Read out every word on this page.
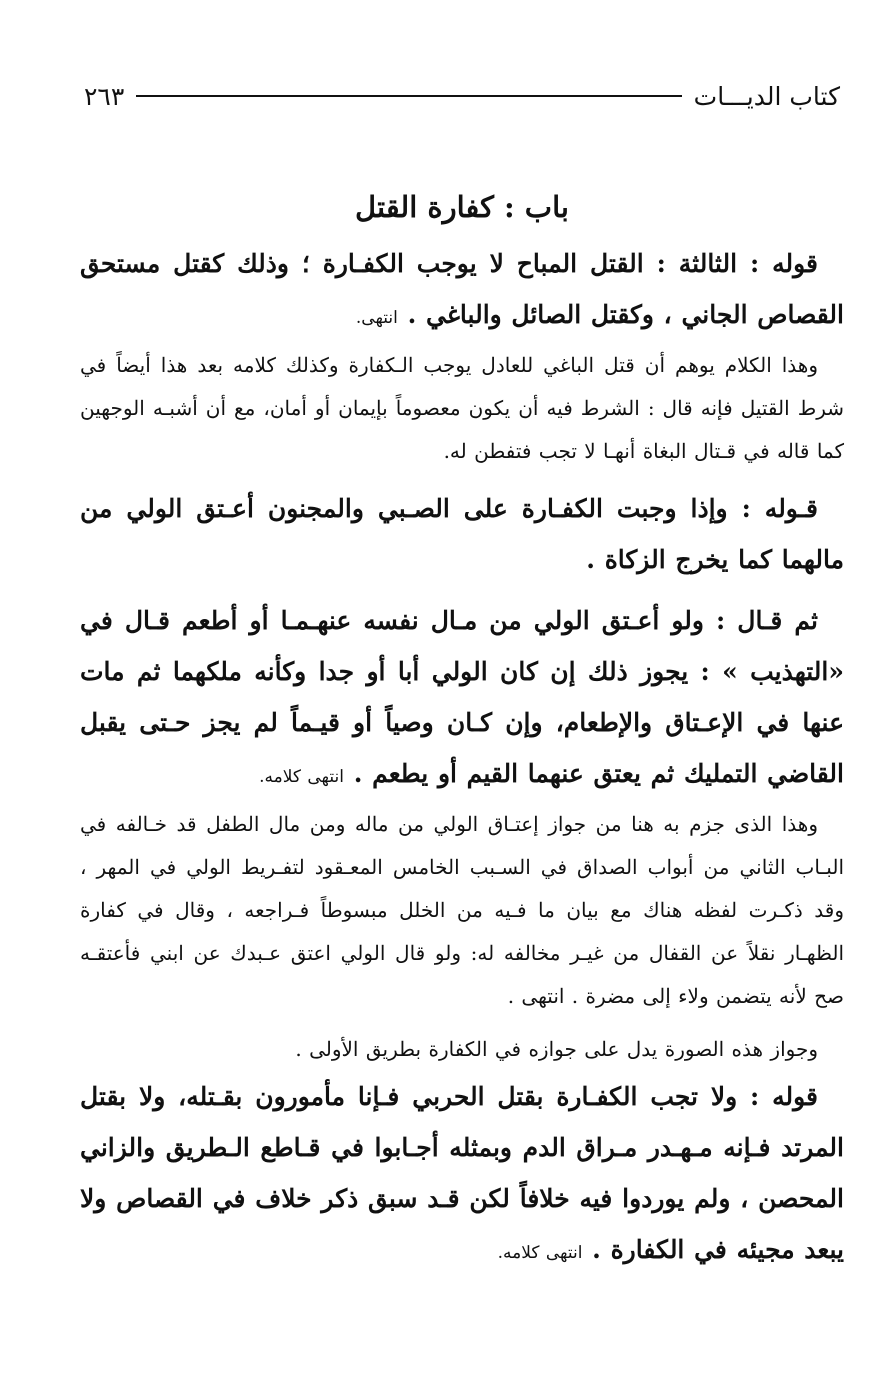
كتاب الديـــات
٢٦٣
باب : كفارة القتل

قوله : الثالثة : القتل المباح لا يوجب الكفـارة ؛ وذلك كقتل مستحق القصاص الجاني ، وكقتل الصائل والباغي . انتهى.

وهذا الكلام يوهم أن قتل الباغي للعادل يوجب الـكفارة وكذلك كلامه بعد هذا أيضاً في شرط القتيل فإنه قال : الشرط فيه أن يكون معصوماً بإيمان أو أمان، مع أن أشبـه الوجهين كما قاله في قـتال البغاة أنهـا لا تجب فتفطن له.

قـوله : وإذا وجبت الكفـارة على الصـبي والمجنون أعـتق الولي من مالهما كما يخرج الزكاة .

ثم قـال : ولو أعـتق الولي من مـال نفسه عنهـمـا أو أطعم قـال في «التهذيب » : يجوز ذلك إن كان الولي أبا أو جدا وكأنه ملكهما ثم مات عنها في الإعـتاق والإطعام، وإن كـان وصياً أو قيـماً لم يجز حـتى يقبل القاضي التمليك ثم يعتق عنهما القيم أو يطعم . انتهى كلامه.

وهذا الذى جزم به هنا من جواز إعتـاق الولي من ماله ومن مال الطفل قد خـالفه في البـاب الثاني من أبواب الصداق في السـبب الخامس المعـقود لتفـريط الولي في المهر ، وقد ذكـرت لفظه هناك مع بيان ما فـيه من الخلل مبسوطاً فـراجعه ، وقال في كفارة الظهـار نقلاً عن القفال من غيـر مخالفه له: ولو قال الولي اعتق عـبدك عن ابني فأعتقـه صح لأنه يتضمن ولاء إلى مضرة . انتهى .

وجواز هذه الصورة يدل على جوازه في الكفارة بطريق الأولى .

قوله : ولا تجب الكفـارة بقتل الحربي فـإنا مأمورون بقـتله، ولا بقتل المرتد فـإنه مـهـدر مـراق الدم وبمثله أجـابوا في قـاطع الـطريق والزاني المحصن ، ولم يوردوا فيه خلافاً لكن قـد سبق ذكر خلاف في القصاص ولا يبعد مجيئه في الكفارة . انتهى كلامه.
